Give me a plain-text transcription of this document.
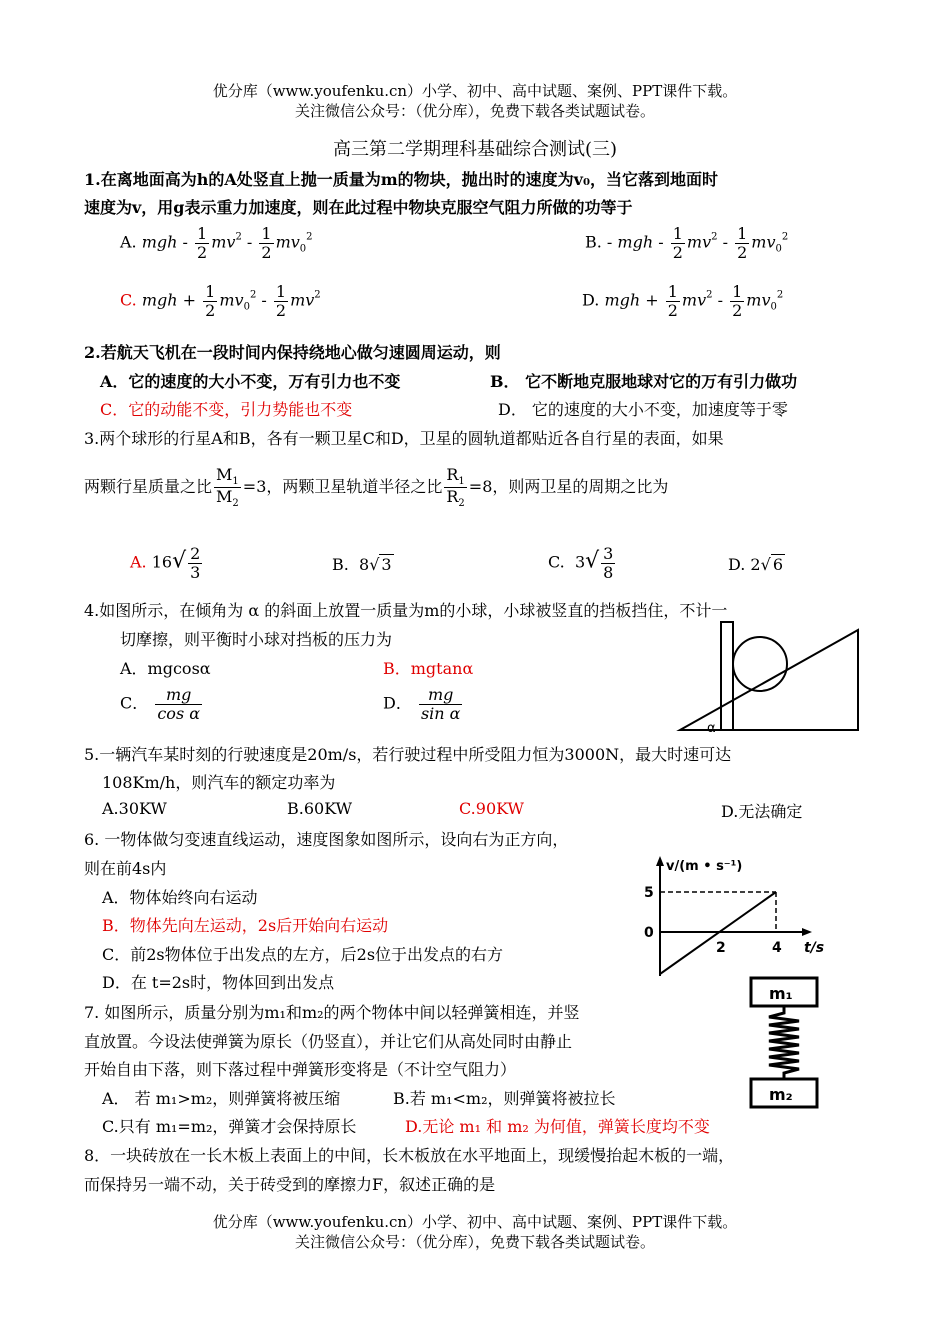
优分库（www.youfenku.cn）小学、初中、高中试题、案例、PPT课件下载。
关注微信公众号：（优分库），免费下载各类试题试卷。
高三第二学期理科基础综合测试(三)
1.在离地面高为h的A处竖直上抛一质量为m的物块，抛出时的速度为v₀，当它落到地面时
速度为v，用g表示重力加速度，则在此过程中物块克服空气阻力所做的功等于
A. mgh - $\frac{1}{2} mv^2 - \frac{1}{2} mv_0^2$	B. - mgh - $\frac{1}{2} mv^2 - \frac{1}{2} mv_0^2$
C. mgh + $\frac{1}{2} mv_0^2 - \frac{1}{2} mv^2$	D. mgh + $\frac{1}{2} mv^2 - \frac{1}{2} mv_0^2$
2.若航天飞机在一段时间内保持绕地心做匀速圆周运动，则
A．它的速度的大小不变，万有引力也不变	B． 它不断地克服地球对它的万有引力做功
C．它的动能不变，引力势能也不变	D． 它的速度的大小不变，加速度等于零
3.两个球形的行星A和B，各有一颗卫星C和D，卫星的圆轨道都贴近各自行星的表面，如果
两颗行星质量之比 $\frac{M_1}{M_2} =3$，两颗卫星轨道半径之比 $\frac{R_1}{R_2} =8$，则两卫星的周期之比为
A. $16√ \frac{2}{3}$	B.  8√ 3	C.  $3√ \frac{3}{8}$	D. 2√ 6
4.如图所示，在倾角为 α 的斜面上放置一质量为m的小球，小球被竖直的挡板挡住，不计一
切摩擦，则平衡时小球对挡板的压力为
A．mgcosα	B．mgtanα
C． $\frac{mg}{\text{cos α}}$	D． $\frac{mg}{\text{sin α}}$
α
5.一辆汽车某时刻的行驶速度是20m/s，若行驶过程中所受阻力恒为3000N，最大时速可达
108Km/h，则汽车的额定功率为
A.30KW	B.60KW	C.90KW	D.无法确定
6. 一物体做匀变速直线运动，速度图象如图所示，设向右为正方向，
则在前4s内
A．物体始终向右运动
B．物体先向左运动，2s后开始向右运动
C．前2s物体位于出发点的左方，后2s位于出发点的右方
D．在 t=2s时，物体回到出发点
v/(m • s⁻¹)
5
0
2	4 t/s
7. 如图所示，质量分别为m₁和m₂的两个物体中间以轻弹簧相连，并竖
直放置。今设法使弹簧为原长（仍竖直），并让它们从高处同时由静止
开始自由下落，则下落过程中弹簧形变将是（不计空气阻力）
A． 若 m₁>m₂，则弹簧将被压缩	B.若 m₁<m₂，则弹簧将被拉长
C.只有 m₁=m₂，弹簧才会保持原长	D.无论 m₁ 和 m₂ 为何值，弹簧长度均不变
m₁
m₂
8．一块砖放在一长木板上表面上的中间，长木板放在水平地面上，现缓慢抬起木板的一端，
而保持另一端不动，关于砖受到的摩擦力F，叙述正确的是
优分库（www.youfenku.cn）小学、初中、高中试题、案例、PPT课件下载。
关注微信公众号：（优分库），免费下载各类试题试卷。
